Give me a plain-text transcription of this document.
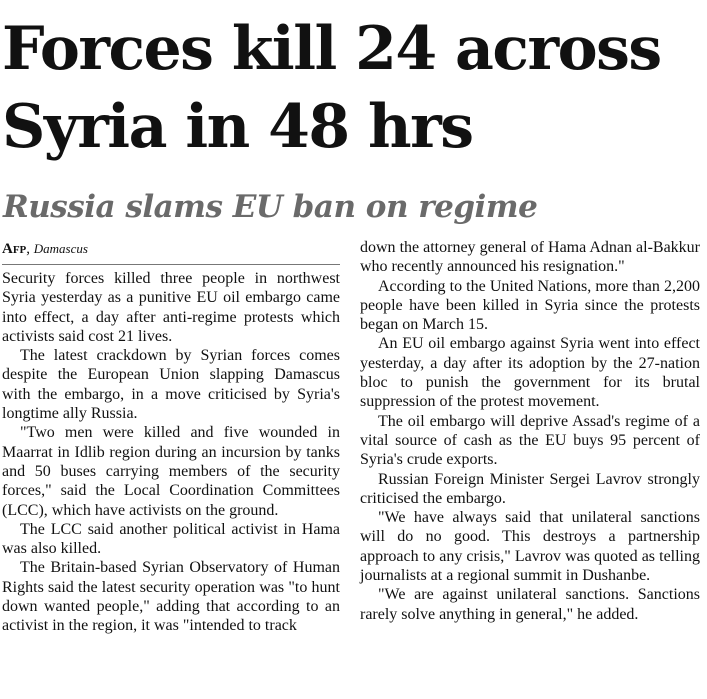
Forces kill 24 across Syria in 48 hrs
Russia slams EU ban on regime
Afp, Damascus

Security forces killed three people in northwest Syria yesterday as a punitive EU oil embargo came into effect, a day after anti-regime protests which activists said cost 21 lives.

The latest crackdown by Syrian forces comes despite the European Union slapping Damascus with the embargo, in a move criticised by Syria's longtime ally Russia.

"Two men were killed and five wounded in Maarrat in Idlib region during an incursion by tanks and 50 buses carrying members of the security forces," said the Local Coordination Committees (LCC), which have activists on the ground.

The LCC said another political activist in Hama was also killed.

The Britain-based Syrian Observatory of Human Rights said the latest security operation was "to hunt down wanted people," adding that according to an activist in the region, it was "intended to track

down the attorney general of Hama Adnan al-Bakkur who recently announced his resignation."

According to the United Nations, more than 2,200 people have been killed in Syria since the protests began on March 15.

An EU oil embargo against Syria went into effect yesterday, a day after its adoption by the 27-nation bloc to punish the government for its brutal suppression of the protest movement.

The oil embargo will deprive Assad's regime of a vital source of cash as the EU buys 95 percent of Syria's crude exports.

Russian Foreign Minister Sergei Lavrov strongly criticised the embargo.

"We have always said that unilateral sanctions will do no good. This destroys a partnership approach to any crisis," Lavrov was quoted as telling journalists at a regional summit in Dushanbe.

"We are against unilateral sanctions. Sanctions rarely solve anything in general," he added.
